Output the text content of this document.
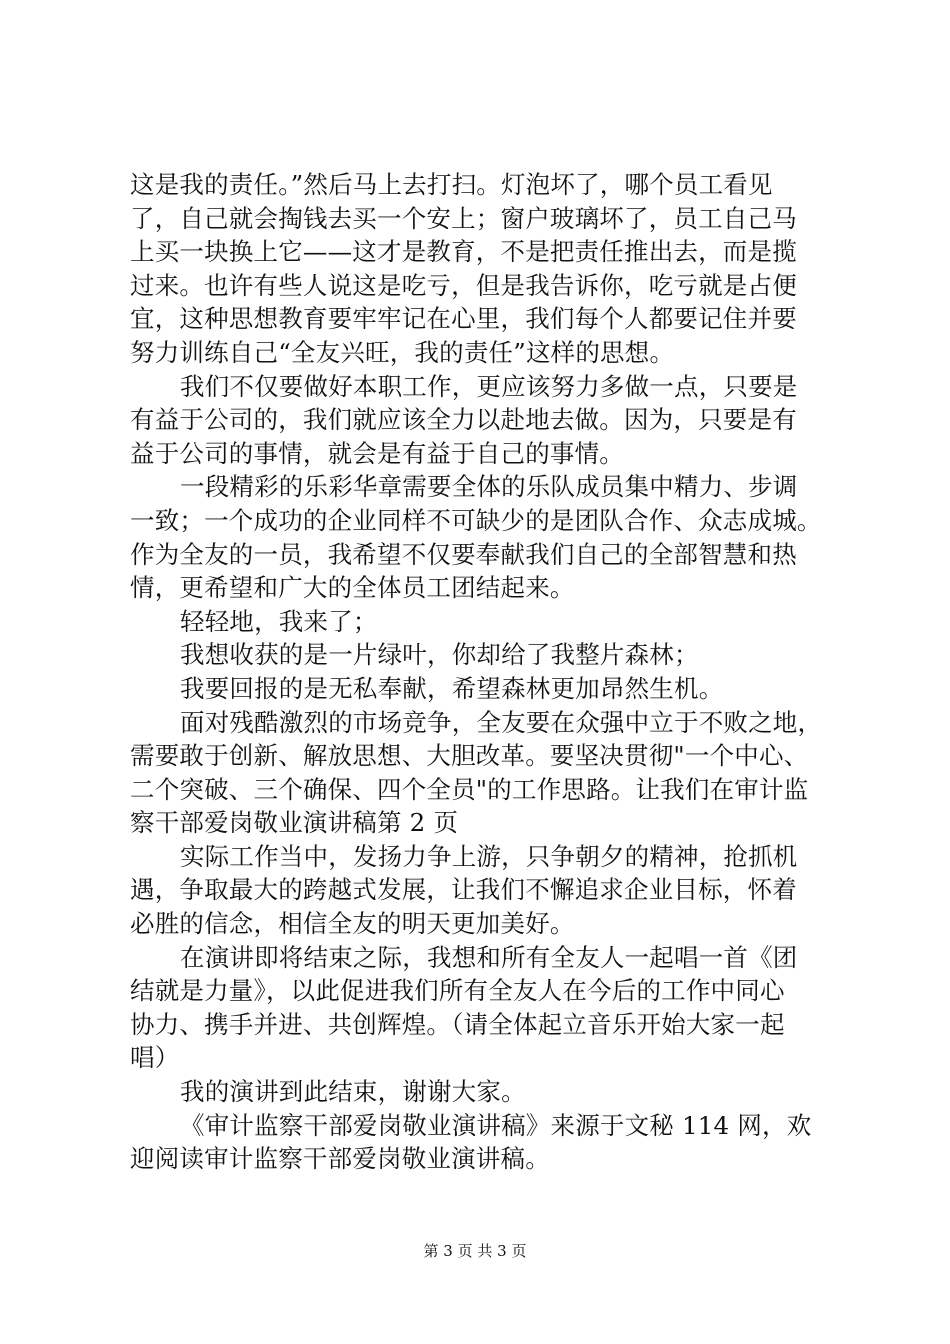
这是我的责任。”然后马上去打扫。灯泡坏了，哪个员工看见
了，自己就会掏钱去买一个安上；窗户玻璃坏了，员工自己马
上买一块换上它——这才是教育，不是把责任推出去，而是揽
过来。也许有些人说这是吃亏，但是我告诉你，吃亏就是占便
宜，这种思想教育要牢牢记在心里，我们每个人都要记住并要
努力训练自己“全友兴旺，我的责任”这样的思想。
我们不仅要做好本职工作，更应该努力多做一点，只要是
有益于公司的，我们就应该全力以赴地去做。因为，只要是有
益于公司的事情，就会是有益于自己的事情。
一段精彩的乐彩华章需要全体的乐队成员集中精力、步调
一致；一个成功的企业同样不可缺少的是团队合作、众志成城。
作为全友的一员，我希望不仅要奉献我们自己的全部智慧和热
情，更希望和广大的全体员工团结起来。
轻轻地，我来了；
我想收获的是一片绿叶，你却给了我整片森林；
我要回报的是无私奉献，希望森林更加昂然生机。
面对残酷激烈的市场竞争，全友要在众强中立于不败之地，
需要敢于创新、解放思想、大胆改革。要坚决贯彻"一个中心、
二个突破、三个确保、四个全员"的工作思路。让我们在审计监
察干部爱岗敬业演讲稿第 2 页
实际工作当中，发扬力争上游，只争朝夕的精神，抢抓机
遇，争取最大的跨越式发展，让我们不懈追求企业目标，怀着
必胜的信念，相信全友的明天更加美好。
在演讲即将结束之际，我想和所有全友人一起唱一首《团
结就是力量》，以此促进我们所有全友人在今后的工作中同心
协力、携手并进、共创辉煌。（请全体起立音乐开始大家一起
唱）
我的演讲到此结束，谢谢大家。
《审计监察干部爱岗敬业演讲稿》来源于文秘 114 网，欢
迎阅读审计监察干部爱岗敬业演讲稿。
第 3 页 共 3 页
